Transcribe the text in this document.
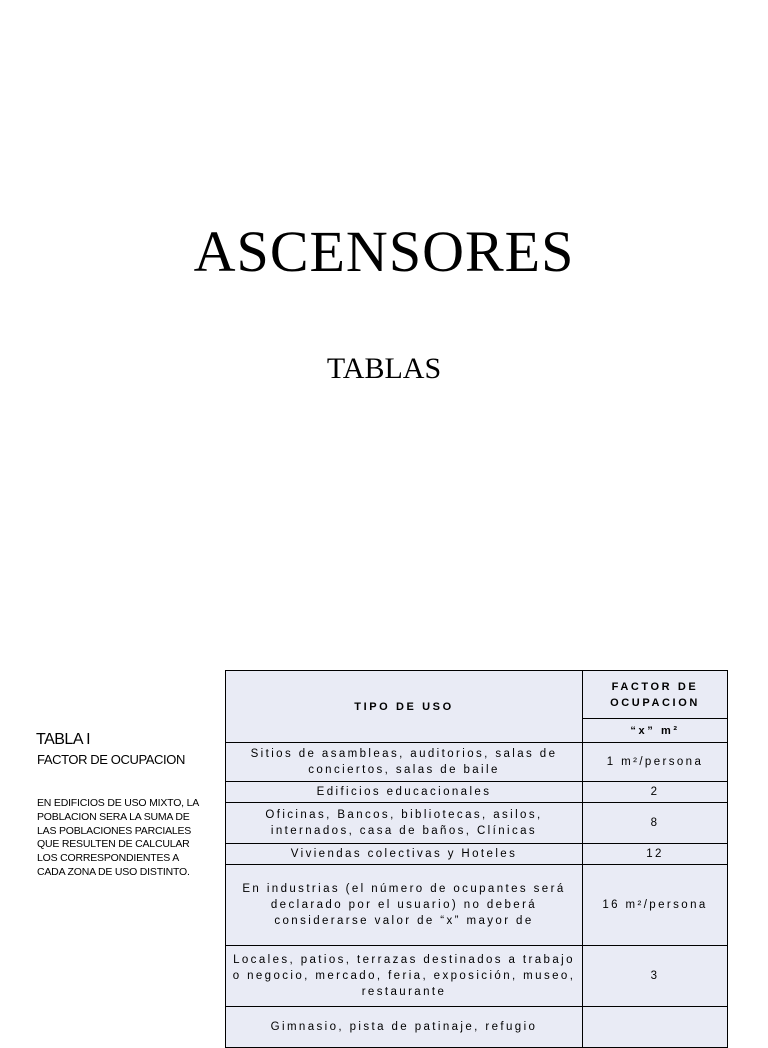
ASCENSORES
TABLAS
TABLA I
FACTOR DE OCUPACION
EN EDIFICIOS DE USO MIXTO, LA POBLACION SERA LA SUMA DE LAS POBLACIONES PARCIALES QUE RESULTEN DE CALCULAR LOS CORRESPONDIENTES A CADA ZONA DE USO DISTINTO.
TIPO DE USO	FACTOR DE OCUPACION
	“x” m²
Sitios de asambleas, auditorios, salas de conciertos, salas de baile	1 m²/persona
Edificios educacionales	2
Oficinas, Bancos, bibliotecas, asilos, internados, casa de baños, Clínicas	8
Viviendas colectivas y Hoteles	12
En industrias (el número de ocupantes será declarado por el usuario) no deberá considerarse valor de “x” mayor de	16 m²/persona
Locales, patios, terrazas destinados a trabajo o negocio, mercado, feria, exposición, museo, restaurante	3
Gimnasio, pista de patinaje, refugio	
